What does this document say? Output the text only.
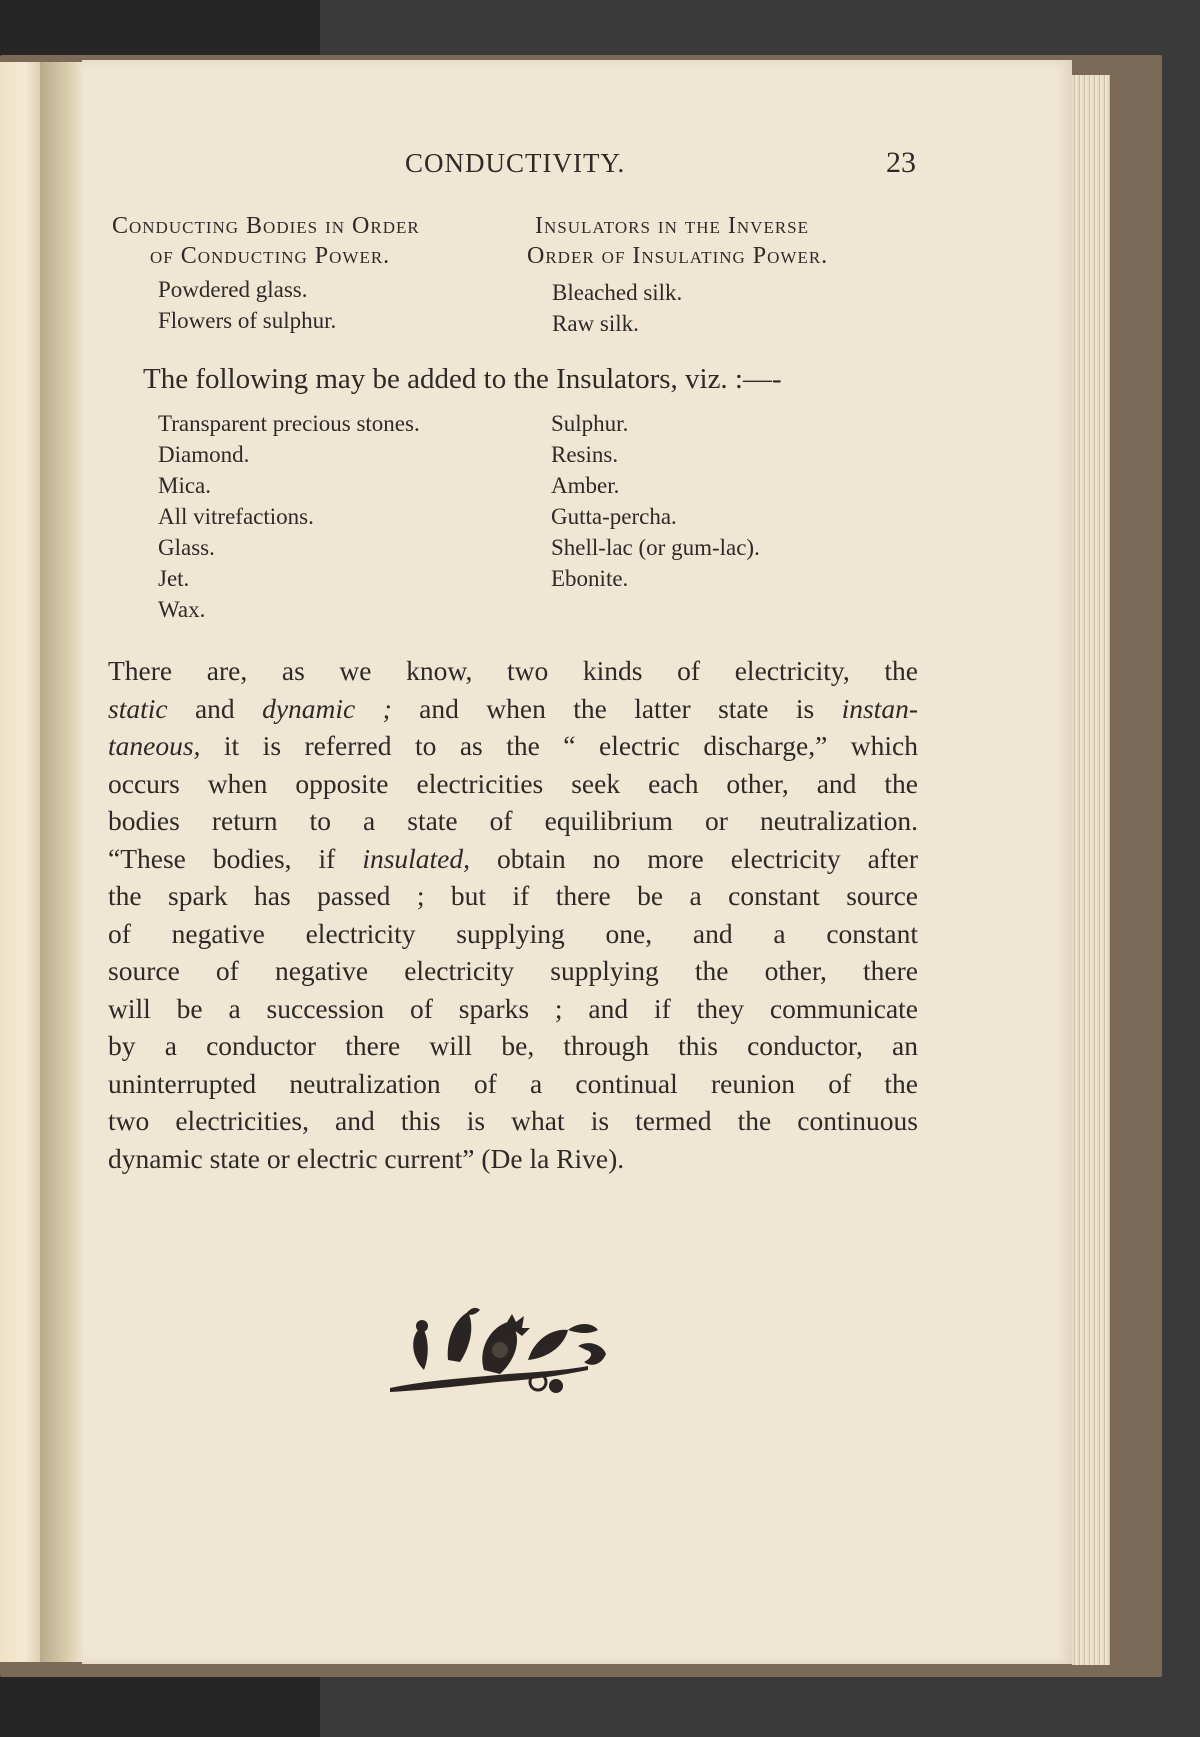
CONDUCTIVITY.	23
Conducting Bodies in Order
of Conducting Power.
Insulators in the Inverse
Order of Insulating Power.
Powdered glass.
Flowers of sulphur.
Bleached silk.
Raw silk.
The following may be added to the Insulators, viz. :—-
Transparent precious stones.
Diamond.
Mica.
All vitrefactions.
Glass.
Jet.
Wax.
Sulphur.
Resins.
Amber.
Gutta-percha.
Shell-lac (or gum-lac).
Ebonite.
There are, as we know, two kinds of electricity, the
static and dynamic ; and when the latter state is instan-
taneous, it is referred to as the “ electric discharge,” which
occurs when opposite electricities seek each other, and the
bodies return to a state of equilibrium or neutralization.
“These bodies, if insulated, obtain no more electricity after
the spark has passed ; but if there be a constant source
of negative electricity supplying one, and a constant
source of negative electricity supplying the other, there
will be a succession of sparks ; and if they communicate
by a conductor there will be, through this conductor, an
uninterrupted neutralization of a continual reunion of the
two electricities, and this is what is termed the continuous
dynamic state or electric current” (De la Rive).
